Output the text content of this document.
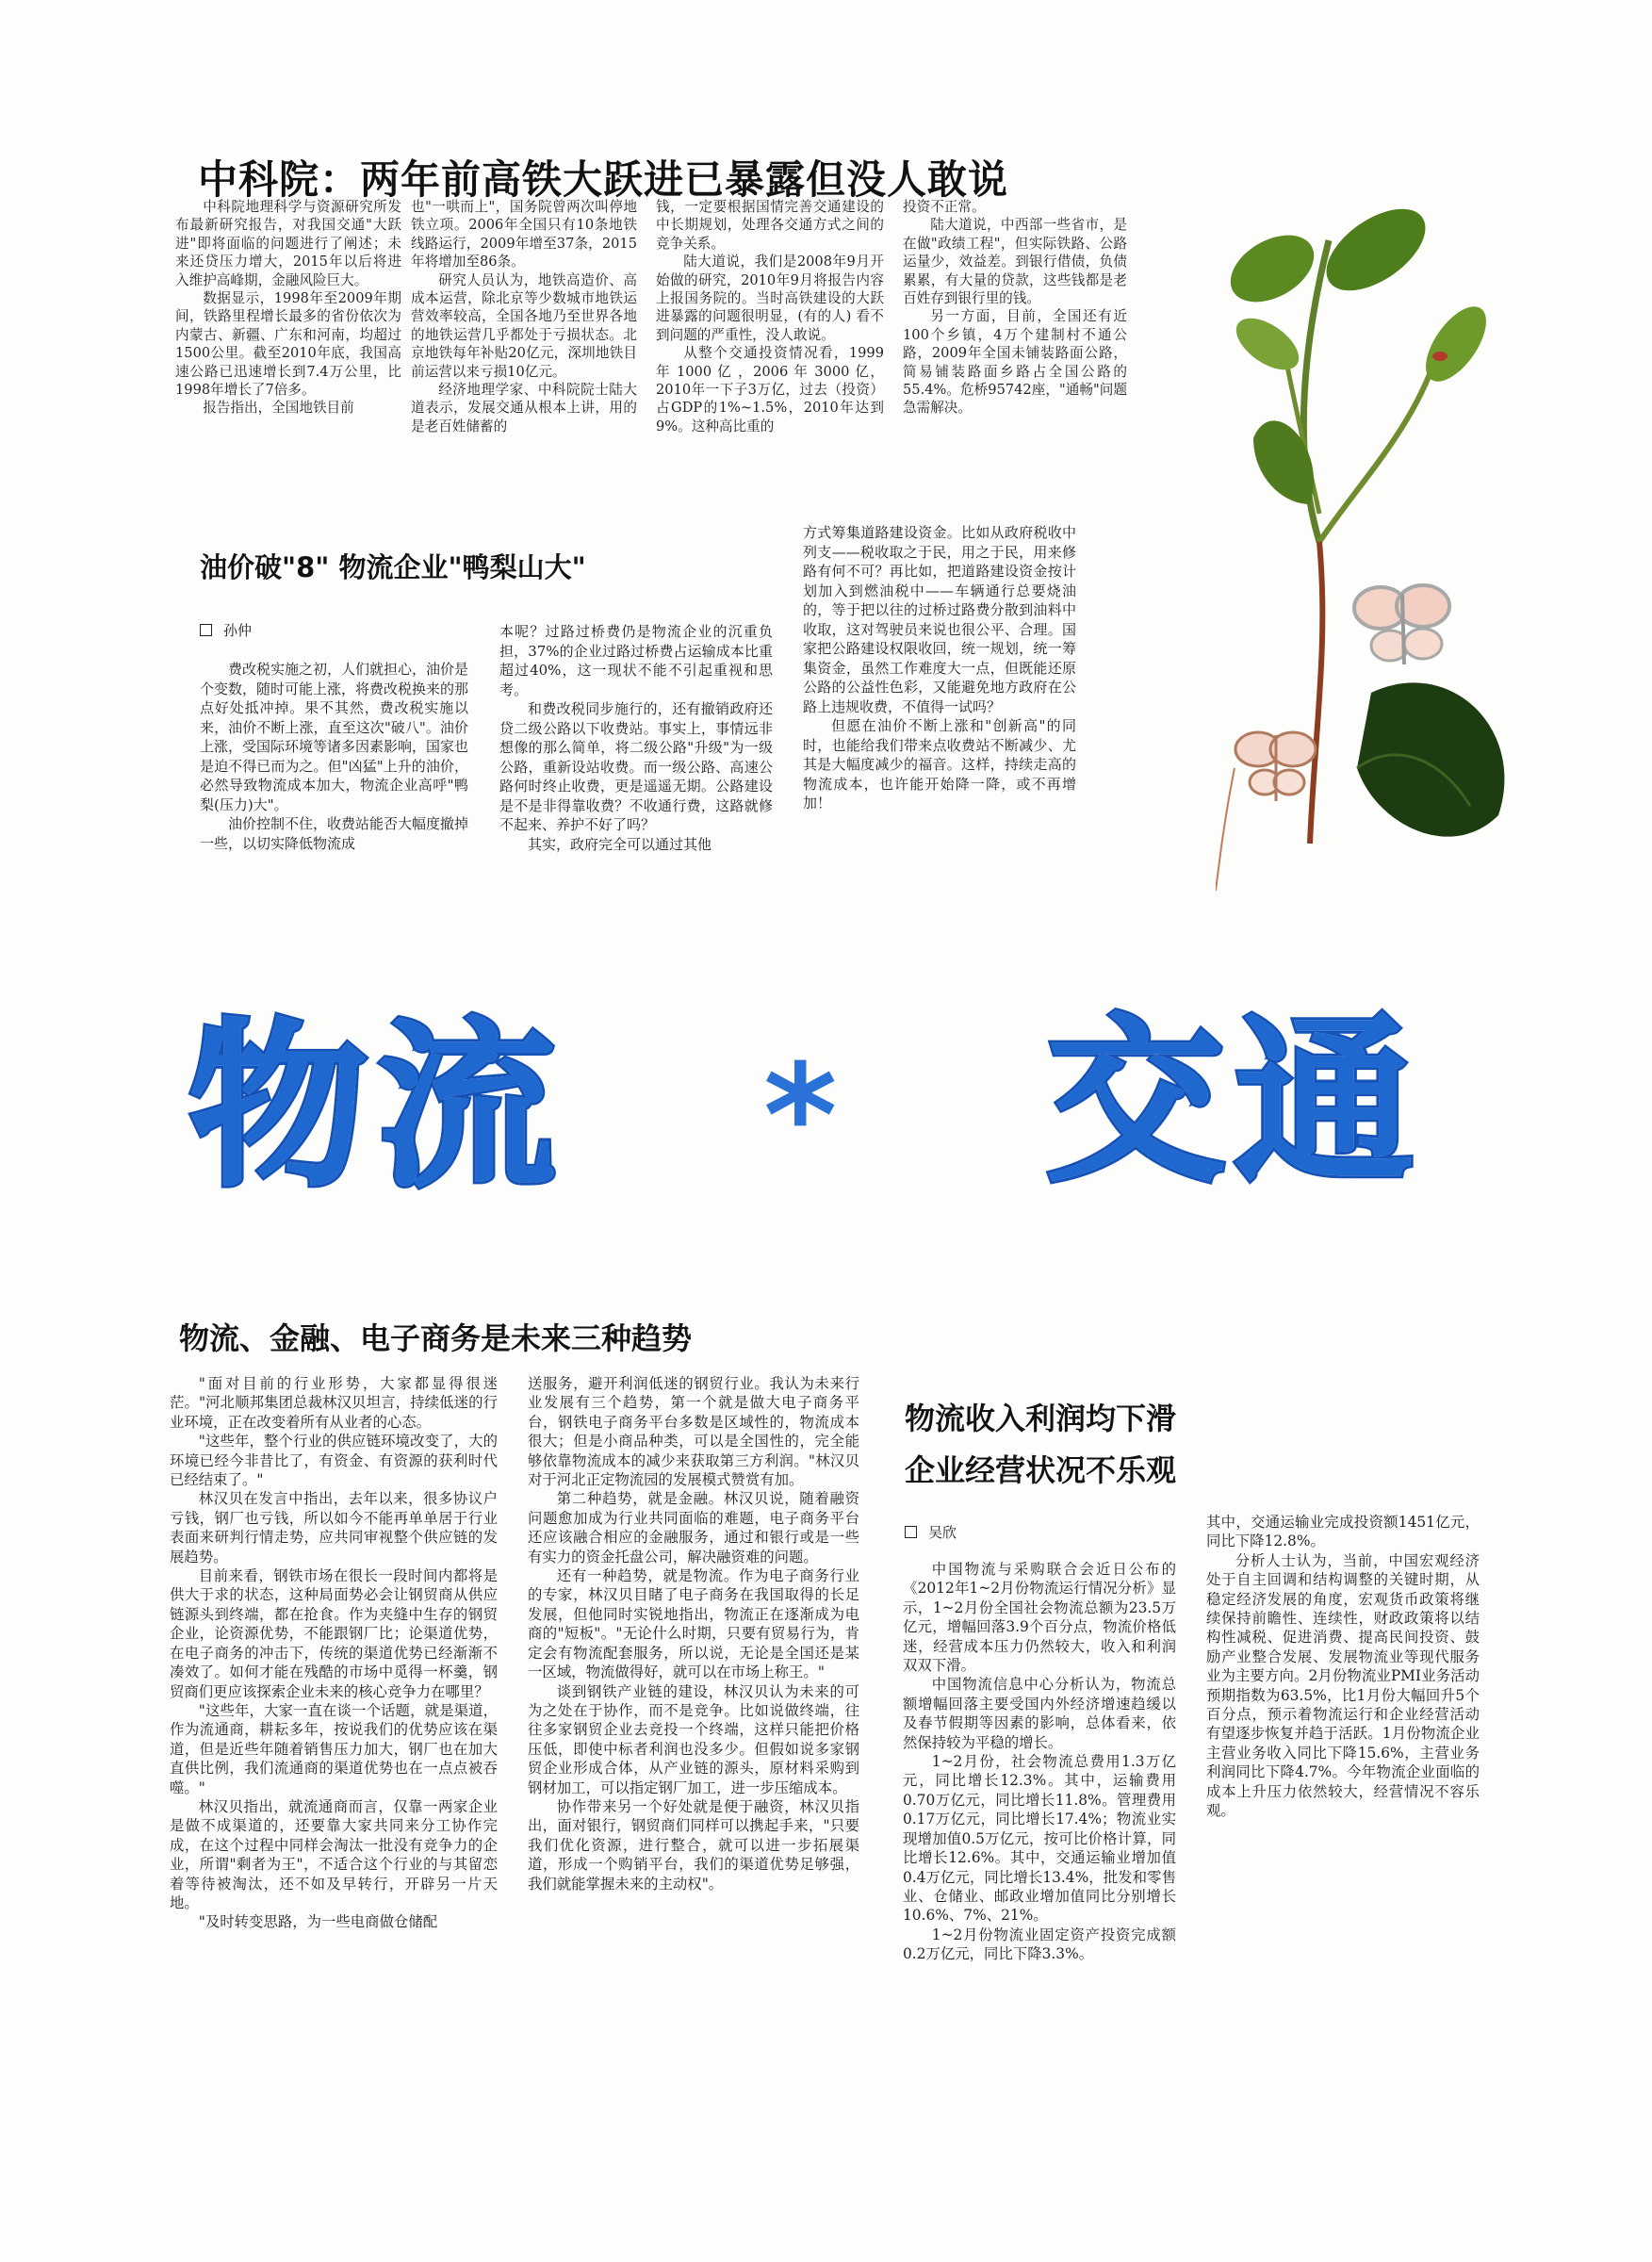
中科院：两年前高铁大跃进已暴露但没人敢说

中科院地理科学与资源研究所发布最新研究报告，对我国交通"大跃进"即将面临的问题进行了阐述；未来还贷压力增大，2015年以后将进入维护高峰期，金融风险巨大。

数据显示，1998年至2009年期间，铁路里程增长最多的省份依次为内蒙古、新疆、广东和河南，均超过1500公里。截至2010年底，我国高速公路已迅速增长到7.4万公里，比1998年增长了7倍多。

报告指出，全国地铁目前

也"一哄而上"，国务院曾两次叫停地铁立项。2006年全国只有10条地铁线路运行，2009年增至37条，2015年将增加至86条。

研究人员认为，地铁高造价、高成本运营，除北京等少数城市地铁运营效率较高，全国各地乃至世界各地的地铁运营几乎都处于亏损状态。北京地铁每年补贴20亿元，深圳地铁目前运营以来亏损10亿元。

经济地理学家、中科院院士陆大道表示，发展交通从根本上讲，用的是老百姓储蓄的

钱，一定要根据国情完善交通建设的中长期规划，处理各交通方式之间的竞争关系。

陆大道说，我们是2008年9月开始做的研究，2010年9月将报告内容上报国务院的。当时高铁建设的大跃进暴露的问题很明显，(有的人) 看不到问题的严重性，没人敢说。

从整个交通投资情况看，1999 年 1000 亿 ，2006 年 3000 亿，2010年一下子3万亿，过去（投资）占GDP的1%~1.5%，2010年达到9%。这种高比重的

投资不正常。

陆大道说，中西部一些省市，是在做"政绩工程"，但实际铁路、公路运量少，效益差。到银行借债，负债累累，有大量的贷款，这些钱都是老百姓存到银行里的钱。

另一方面，目前，全国还有近100个乡镇，4万个建制村不通公路，2009年全国未铺装路面公路，简易铺装路面乡路占全国公路的55.4%。危桥95742座，"通畅"问题急需解决。

油价破"8" 物流企业"鸭梨山大"
孙仲

费改税实施之初，人们就担心，油价是个变数，随时可能上涨，将费改税换来的那点好处抵冲掉。果不其然，费改税实施以来，油价不断上涨，直至这次"破八"。油价上涨，受国际环境等诸多因素影响，国家也是迫不得已而为之。但"凶猛"上升的油价，必然导致物流成本加大，物流企业高呼"鸭梨(压力)大"。

油价控制不住，收费站能否大幅度撤掉一些，以切实降低物流成

本呢？过路过桥费仍是物流企业的沉重负担，37%的企业过路过桥费占运输成本比重超过40%，这一现状不能不引起重视和思考。

和费改税同步施行的，还有撤销政府还贷二级公路以下收费站。事实上，事情远非想像的那么简单，将二级公路"升级"为一级公路，重新设站收费。而一级公路、高速公路何时终止收费，更是遥遥无期。公路建设是不是非得靠收费？不收通行费，这路就修不起来、养护不好了吗？

其实，政府完全可以通过其他

方式筹集道路建设资金。比如从政府税收中列支——税收取之于民，用之于民，用来修路有何不可？再比如，把道路建设资金按计划加入到燃油税中——车辆通行总要烧油的，等于把以往的过桥过路费分散到油料中收取，这对驾驶员来说也很公平、合理。国家把公路建设权限收回，统一规划，统一筹集资金，虽然工作难度大一点，但既能还原公路的公益性色彩，又能避免地方政府在公路上违规收费，不值得一试吗？

但愿在油价不断上涨和"创新高"的同时，也能给我们带来点收费站不断减少、尤其是大幅度减少的福音。这样，持续走高的物流成本，也许能开始降一降，或不再增加！

物流 * 交通
物流、金融、电子商务是未来三种趋势

"面对目前的行业形势，大家都显得很迷茫。"河北顺邦集团总裁林汉贝坦言，持续低迷的行业环境，正在改变着所有从业者的心态。

"这些年，整个行业的供应链环境改变了，大的环境已经今非昔比了，有资金、有资源的获利时代已经结束了。"

林汉贝在发言中指出，去年以来，很多协议户亏钱，钢厂也亏钱，所以如今不能再单单居于行业表面来研判行情走势，应共同审视整个供应链的发展趋势。

目前来看，钢铁市场在很长一段时间内都将是供大于求的状态，这种局面势必会让钢贸商从供应链源头到终端，都在抢食。作为夹缝中生存的钢贸企业，论资源优势，不能跟钢厂比；论渠道优势，在电子商务的冲击下，传统的渠道优势已经渐渐不凑效了。如何才能在残酷的市场中觅得一杯羹，钢贸商们更应该探索企业未来的核心竞争力在哪里？

"这些年，大家一直在谈一个话题，就是渠道，作为流通商，耕耘多年，按说我们的优势应该在渠道，但是近些年随着销售压力加大，钢厂也在加大直供比例，我们流通商的渠道优势也在一点点被吞噬。"

林汉贝指出，就流通商而言，仅靠一两家企业是做不成渠道的，还要靠大家共同来分工协作完成，在这个过程中同样会淘汰一批没有竞争力的企业，所谓"剩者为王"，不适合这个行业的与其留恋着等待被淘汰，还不如及早转行，开辟另一片天地。

"及时转变思路，为一些电商做仓储配

送服务，避开利润低迷的钢贸行业。我认为未来行业发展有三个趋势，第一个就是做大电子商务平台，钢铁电子商务平台多数是区域性的，物流成本很大；但是小商品种类，可以是全国性的，完全能够依靠物流成本的减少来获取第三方利润。"林汉贝对于河北正定物流园的发展模式赞赏有加。

第二种趋势，就是金融。林汉贝说，随着融资问题愈加成为行业共同面临的难题，电子商务平台还应该融合相应的金融服务，通过和银行或是一些有实力的资金托盘公司，解决融资难的问题。

还有一种趋势，就是物流。作为电子商务行业的专家，林汉贝目睹了电子商务在我国取得的长足发展，但他同时实锐地指出，物流正在逐渐成为电商的"短板"。"无论什么时期，只要有贸易行为，肯定会有物流配套服务，所以说，无论是全国还是某一区域，物流做得好，就可以在市场上称王。"

谈到钢铁产业链的建设，林汉贝认为未来的可为之处在于协作，而不是竞争。比如说做终端，往往多家钢贸企业去竞投一个终端，这样只能把价格压低，即使中标者利润也没多少。但假如说多家钢贸企业形成合体，从产业链的源头，原材料采购到钢材加工，可以指定钢厂加工，进一步压缩成本。

协作带来另一个好处就是便于融资，林汉贝指出，面对银行，钢贸商们同样可以携起手来，"只要我们优化资源，进行整合，就可以进一步拓展渠道，形成一个购销平台，我们的渠道优势足够强，我们就能掌握未来的主动权"。

物流收入利润均下滑
企业经营状况不乐观
吴欣

中国物流与采购联合会近日公布的《2012年1~2月份物流运行情况分析》显示，1~2月份全国社会物流总额为23.5万亿元，增幅回落3.9个百分点，物流价格低迷，经营成本压力仍然较大，收入和利润双双下滑。

中国物流信息中心分析认为，物流总额增幅回落主要受国内外经济增速趋缓以及春节假期等因素的影响，总体看来，依然保持较为平稳的增长。

1~2月份，社会物流总费用1.3万亿元，同比增长12.3%。其中，运输费用0.70万亿元，同比增长11.8%。管理费用0.17万亿元，同比增长17.4%；物流业实现增加值0.5万亿元，按可比价格计算，同比增长12.6%。其中，交通运输业增加值0.4万亿元，同比增长13.4%，批发和零售业、仓储业、邮政业增加值同比分别增长10.6%、7%、21%。

1~2月份物流业固定资产投资完成额0.2万亿元，同比下降3.3%。

其中，交通运输业完成投资额1451亿元，同比下降12.8%。

分析人士认为，当前，中国宏观经济处于自主回调和结构调整的关键时期，从稳定经济发展的角度，宏观货币政策将继续保持前瞻性、连续性，财政政策将以结构性减税、促进消费、提高民间投资、鼓励产业整合发展、发展物流业等现代服务业为主要方向。2月份物流业PMI业务活动预期指数为63.5%，比1月份大幅回升5个百分点，预示着物流运行和企业经营活动有望逐步恢复并趋于活跃。1月份物流企业主营业务收入同比下降15.6%，主营业务利润同比下降4.7%。今年物流企业面临的成本上升压力依然较大，经营情况不容乐观。
